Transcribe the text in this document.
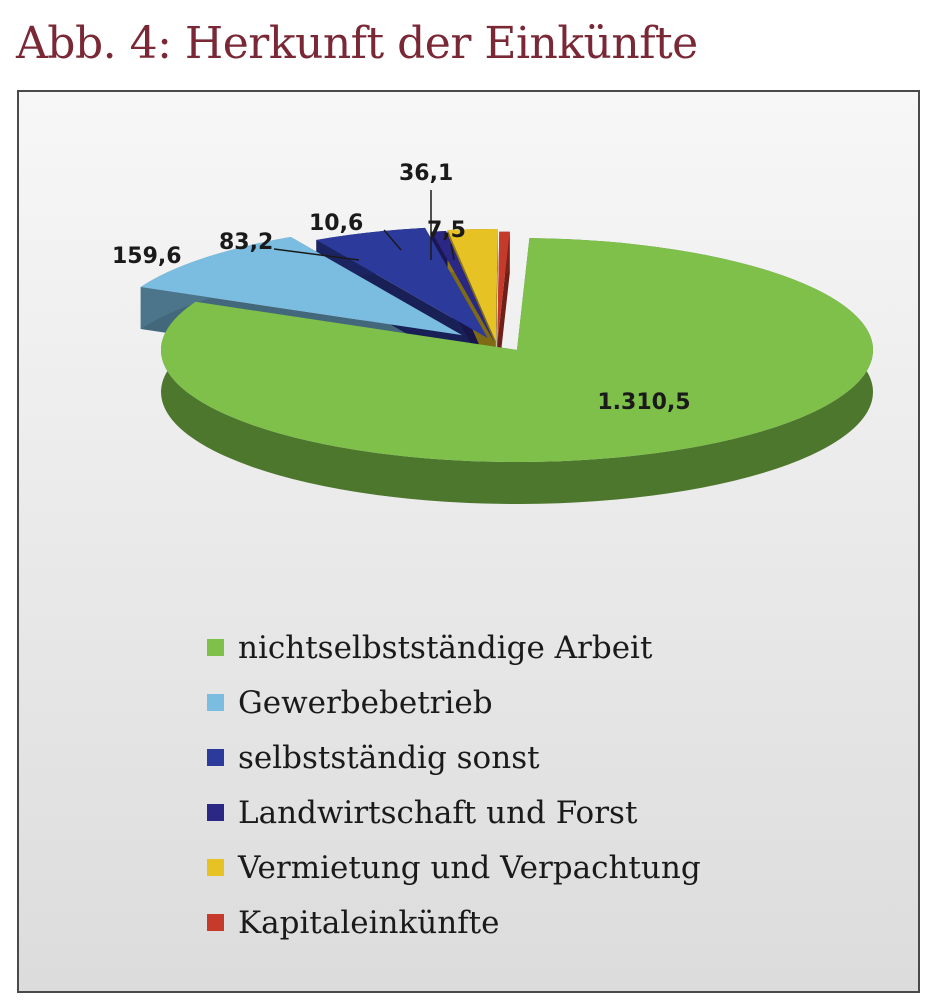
Abb. 4: Herkunft der Einkünfte
1.310,5
159,6
83,2
10,6
36,1
7,5
nichtselbstständige Arbeit
Gewerbebetrieb
selbstständig sonst
Landwirtschaft und Forst
Vermietung und Verpachtung
Kapitaleinkünfte
